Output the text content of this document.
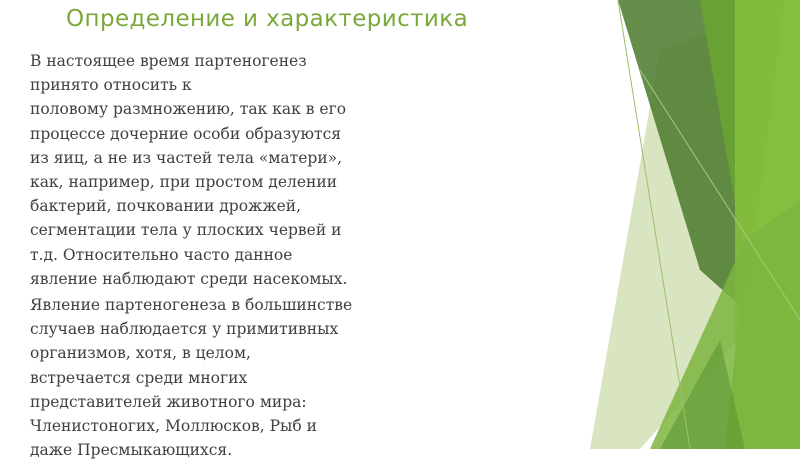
Определение и характеристика

В настоящее время партеногенез
принято относить к
половому размножению, так как в его
процессе дочерние особи образуются
из яиц, а не из частей тела «матери»,
как, например, при простом делении
бактерий, почковании дрожжей,
сегментации тела у плоских червей и
т.д. Относительно часто данное
явление наблюдают среди насекомых.

Явление партеногенеза в большинстве
случаев наблюдается у примитивных
организмов, хотя, в целом,
встречается среди многих
представителей животного мира:
Членистоногих, Моллюсков, Рыб и
даже Пресмыкающихся.
